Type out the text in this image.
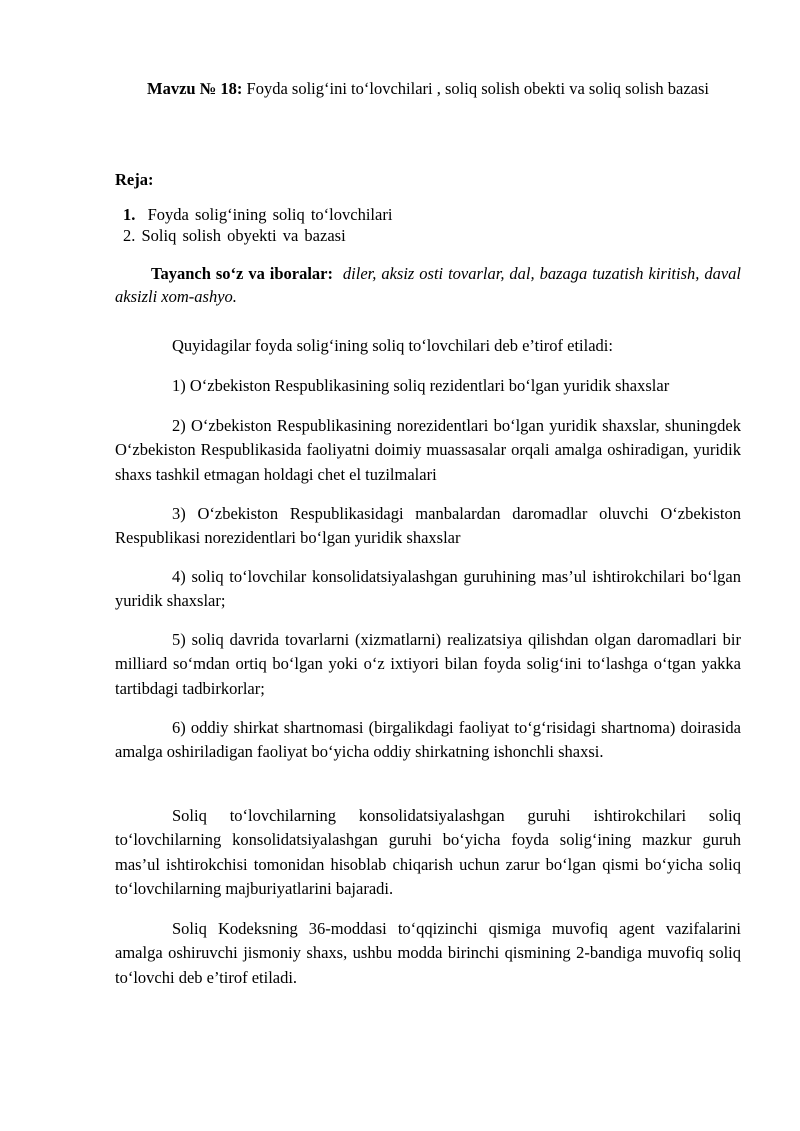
Mavzu № 18: Foyda solig‘ini to‘lovchilari , soliq solish obekti va soliq solish bazasi
Reja:
1. Foyda solig‘ining soliq to‘lovchilari
2. Soliq solish obyekti va bazasi
Tayanch so‘z va iboralar: diler, aksiz osti tovarlar, dal, bazaga tuzatish kiritish, daval aksizli xom-ashyo.

Quyidagilar foyda solig‘ining soliq to‘lovchilari deb e’tirof etiladi:

1) O‘zbekiston Respublikasining soliq rezidentlari bo‘lgan yuridik shaxslar

2) O‘zbekiston Respublikasining norezidentlari bo‘lgan yuridik shaxslar, shuningdek O‘zbekiston Respublikasida faoliyatni doimiy muassasalar orqali amalga oshiradigan, yuridik shaxs tashkil etmagan holdagi chet el tuzilmalari

3) O‘zbekiston Respublikasidagi manbalardan daromadlar oluvchi O‘zbekiston Respublikasi norezidentlari bo‘lgan yuridik shaxslar

4) soliq to‘lovchilar konsolidatsiyalashgan guruhining mas’ul ishtirokchilari bo‘lgan yuridik shaxslar;

5) soliq davrida tovarlarni (xizmatlarni) realizatsiya qilishdan olgan daromadlari bir milliard so‘mdan ortiq bo‘lgan yoki o‘z ixtiyori bilan foyda solig‘ini to‘lashga o‘tgan yakka tartibdagi tadbirkorlar;

6) oddiy shirkat shartnomasi (birgalikdagi faoliyat to‘g‘risidagi shartnoma) doirasida amalga oshiriladigan faoliyat bo‘yicha oddiy shirkatning ishonchli shaxsi.

Soliq to‘lovchilarning konsolidatsiyalashgan guruhi ishtirokchilari soliq to‘lovchilarning konsolidatsiyalashgan guruhi bo‘yicha foyda solig‘ining mazkur guruh mas’ul ishtirokchisi tomonidan hisoblab chiqarish uchun zarur bo‘lgan qismi bo‘yicha soliq to‘lovchilarning majburiyatlarini bajaradi.

Soliq Kodeksning 36-moddasi to‘qqizinchi qismiga muvofiq agent vazifalarini amalga oshiruvchi jismoniy shaxs, ushbu modda birinchi qismining 2-bandiga muvofiq soliq to‘lovchi deb e’tirof etiladi.
